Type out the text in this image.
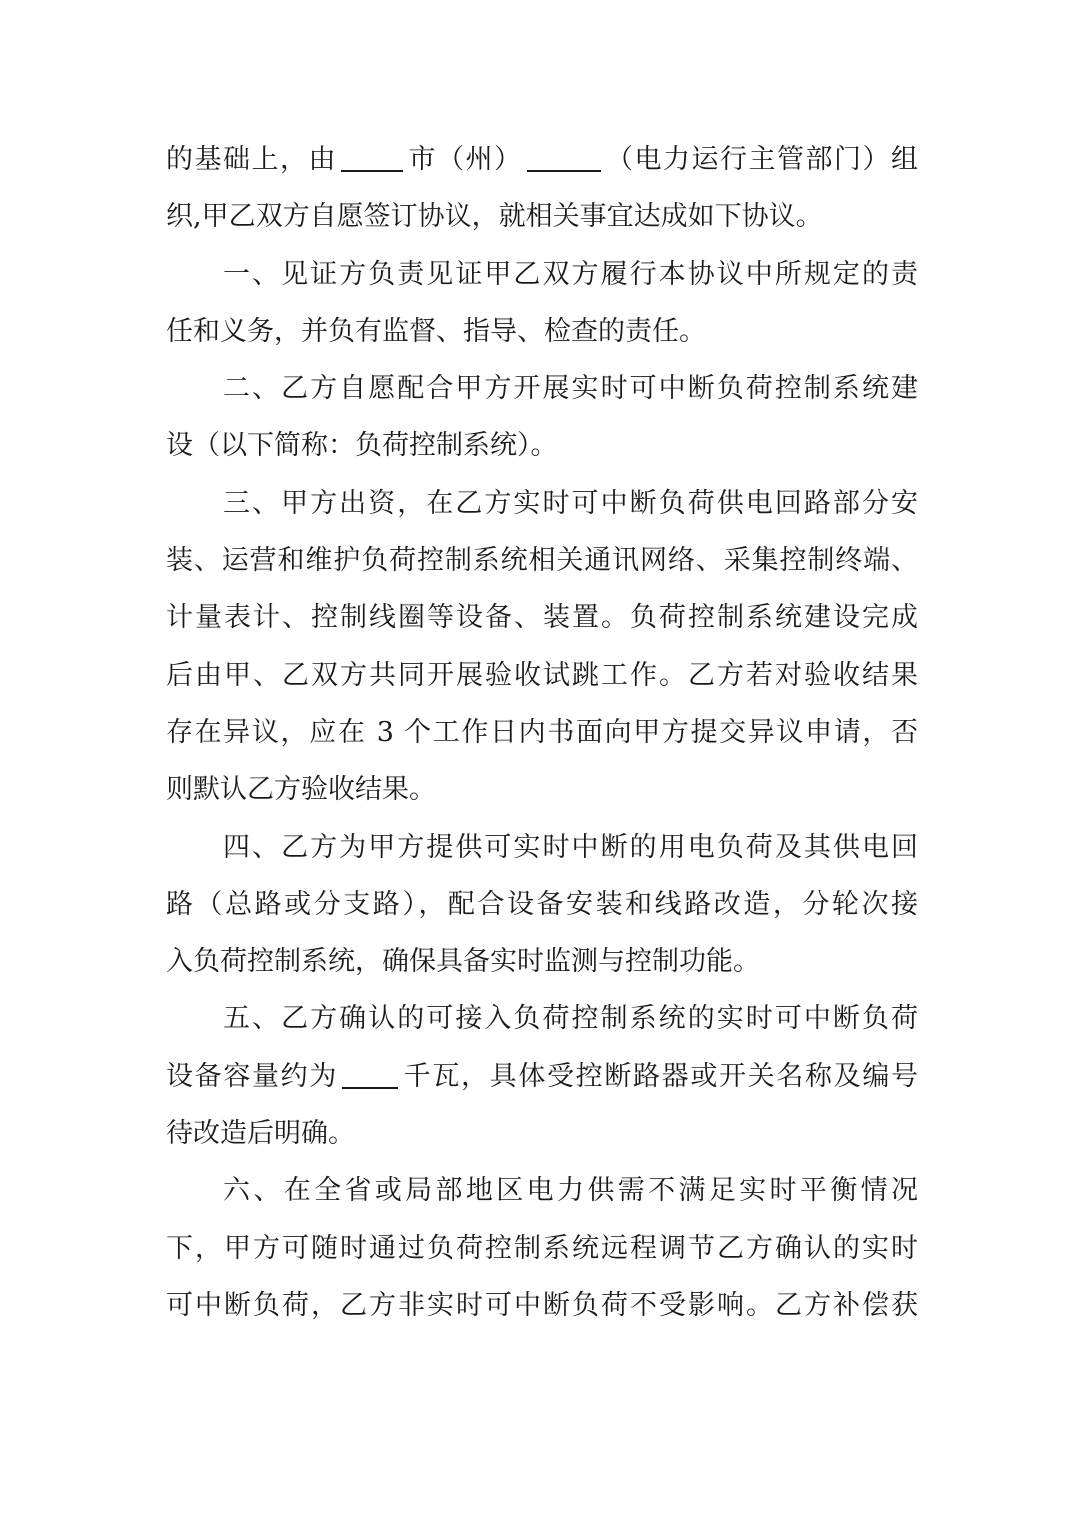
的基础上，由	市（州）	（电力运行主管部门）组
织,甲乙双方自愿签订协议，就相关事宜达成如下协议。
一、见证方负责见证甲乙双方履行本协议中所规定的责
任和义务，并负有监督、指导、检查的责任。
二、乙方自愿配合甲方开展实时可中断负荷控制系统建
设（以下简称：负荷控制系统）。
三、甲方出资，在乙方实时可中断负荷供电回路部分安
装、运营和维护负荷控制系统相关通讯网络、采集控制终端、
计量表计、控制线圈等设备、装置。负荷控制系统建设完成
后由甲、乙双方共同开展验收试跳工作。乙方若对验收结果
存在异议，应在 3 个工作日内书面向甲方提交异议申请，否
则默认乙方验收结果。
四、乙方为甲方提供可实时中断的用电负荷及其供电回
路（总路或分支路），配合设备安装和线路改造，分轮次接
入负荷控制系统，确保具备实时监测与控制功能。
五、乙方确认的可接入负荷控制系统的实时可中断负荷
设备容量约为 千瓦，具体受控断路器或开关名称及编号
待改造后明确。
六、在全省或局部地区电力供需不满足实时平衡情况
下，甲方可随时通过负荷控制系统远程调节乙方确认的实时
可中断负荷，乙方非实时可中断负荷不受影响。乙方补偿获
